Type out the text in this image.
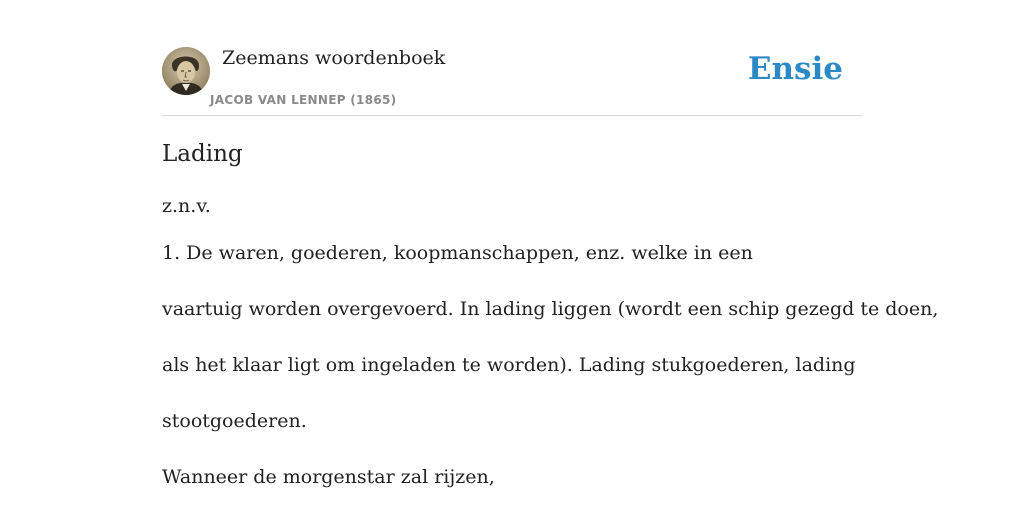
Zeemans woordenboek
JACOB VAN LENNEP (1865)
Ensie
Lading
z.n.v.
1. De waren, goederen, koopmanschappen, enz. welke in een
vaartuig worden overgevoerd. In lading liggen (wordt een schip gezegd te doen,
als het klaar ligt om ingeladen te worden). Lading stukgoederen, lading
stootgoederen.
Wanneer de morgenstar zal rijzen,
